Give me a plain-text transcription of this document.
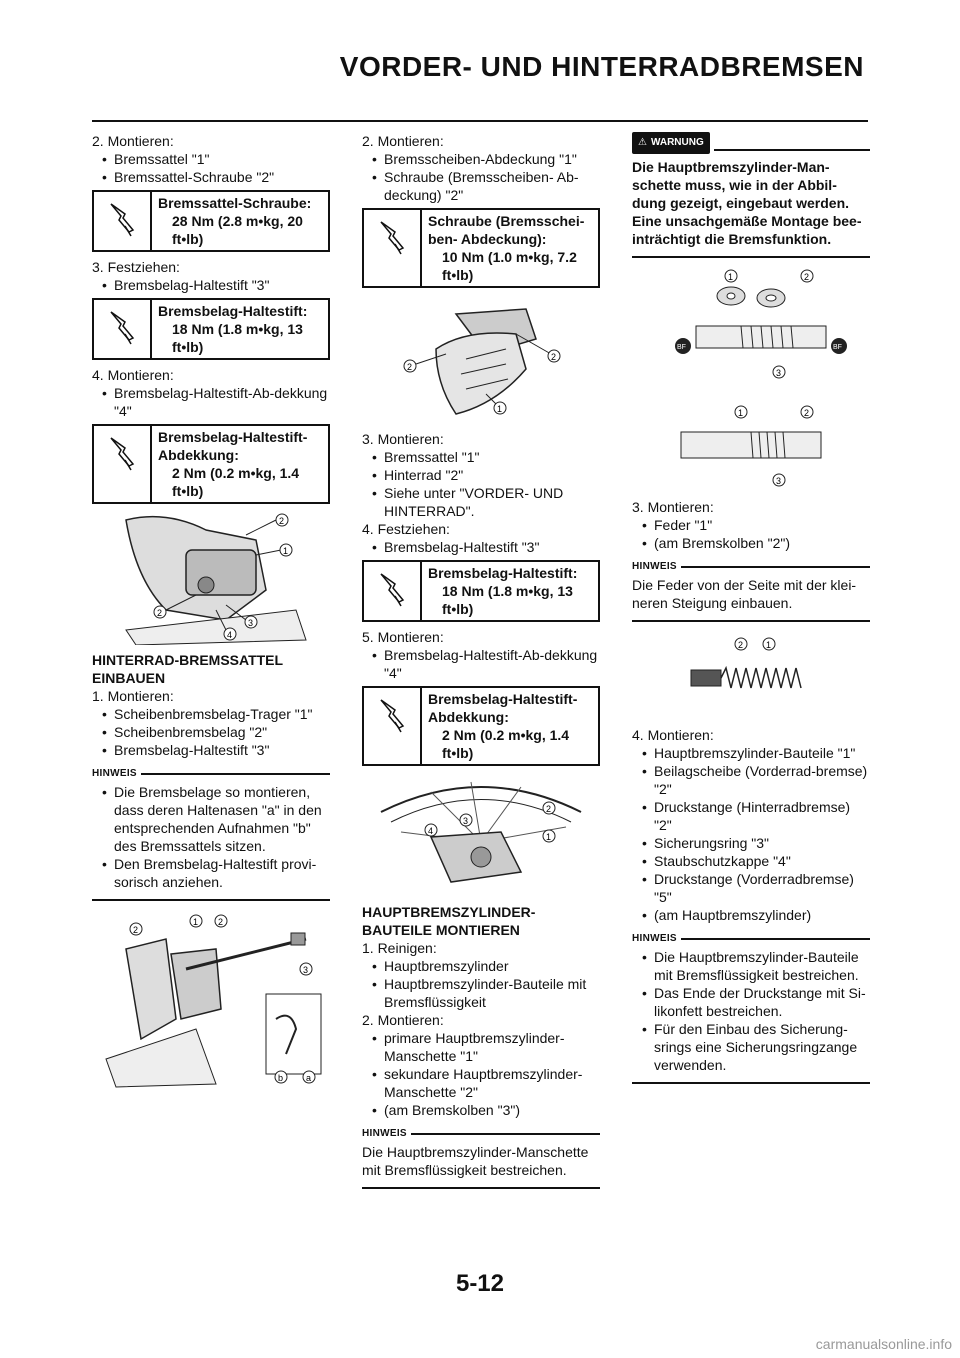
VORDER- UND HINTERRADBREMSEN

2. Montieren:

• Bremssattel "1"

• Bremssattel-Schraube "2"

Bremssattel-Schraube:
28 Nm (2.8 m•kg, 20 ft•lb)

3. Festziehen:

• Bremsbelag-Haltestift "3"

Bremsbelag-Haltestift:
18 Nm (1.8 m•kg, 13 ft•lb)

4. Montieren:

• Bremsbelag-Haltestift-Ab-dekkung "4"

Bremsbelag-Haltestift-Abdekkung:
2 Nm (0.2 m•kg, 1.4 ft•lb)
1
2
2
3
4

HINTERRAD-BREMSSATTEL EINBAUEN

1. Montieren:

• Scheibenbremsbelag-Trager "1"

• Scheibenbremsbelag "2"

• Bremsbelag-Haltestift "3"

HINWEIS

• Die Bremsbelage so montieren, dass deren Haltenasen "a" in den entsprechenden Aufnahmen "b" des Bremssattels sitzen.

• Den Bremsbelag-Haltestift provi-sorisch anziehen.

2
1 2
3
b	a

2. Montieren:

• Bremsscheiben-Abdeckung "1"

• Schraube (Bremsscheiben- Ab-deckung) "2"

Schraube (Bremsschei-ben- Abdeckung):
10 Nm (1.0 m•kg, 7.2 ft•lb)
2
2
1

3. Montieren:

• Bremssattel "1"

• Hinterrad "2"

• Siehe unter "VORDER- UND HINTERRAD".

4. Festziehen:

• Bremsbelag-Haltestift "3"

Bremsbelag-Haltestift:
18 Nm (1.8 m•kg, 13 ft•lb)

5. Montieren:

• Bremsbelag-Haltestift-Ab-dekkung "4"

Bremsbelag-Haltestift-Abdekkung:
2 Nm (0.2 m•kg, 1.4 ft•lb)
4
3
2
1

HAUPTBREMSZYLINDER-BAUTEILE MONTIEREN

1. Reinigen:

• Hauptbremszylinder

• Hauptbremszylinder-Bauteile mit Bremsflüssigkeit

2. Montieren:

• primare Hauptbremszylinder-Manschette "1"

• sekundare Hauptbremszylinder-Manschette "2"

• (am Bremskolben "3")

HINWEIS
Die Hauptbremszylinder-Manschette mit Bremsflüssigkeit bestreichen.
⚠ WARNUNG
Die Hauptbremszylinder-Man-schette muss, wie in der Abbil-dung gezeigt, eingebaut werden. Eine unsachgemäße Montage bee-inträchtigt die Bremsfunktion.
BF	BF
1	2
3
1	2
3

3. Montieren:

• Feder "1"

• (am Bremskolben "2")

HINWEIS
Die Feder von der Seite mit der klei-neren Steigung einbauen.
2	1

4. Montieren:

• Hauptbremszylinder-Bauteile "1"

• Beilagscheibe (Vorderrad-bremse) "2"

• Druckstange (Hinterradbremse) "2"

• Sicherungsring "3"

• Staubschutzkappe "4"

• Druckstange (Vorderradbremse) "5"

• (am Hauptbremszylinder)

HINWEIS

• Die Hauptbremszylinder-Bauteile mit Bremsflüssigkeit bestreichen.

• Das Ende der Druckstange mit Si-likonfett bestreichen.

• Für den Einbau des Sicherung-srings eine Sicherungsringzange verwenden.

5-12
carmanualsonline.info
